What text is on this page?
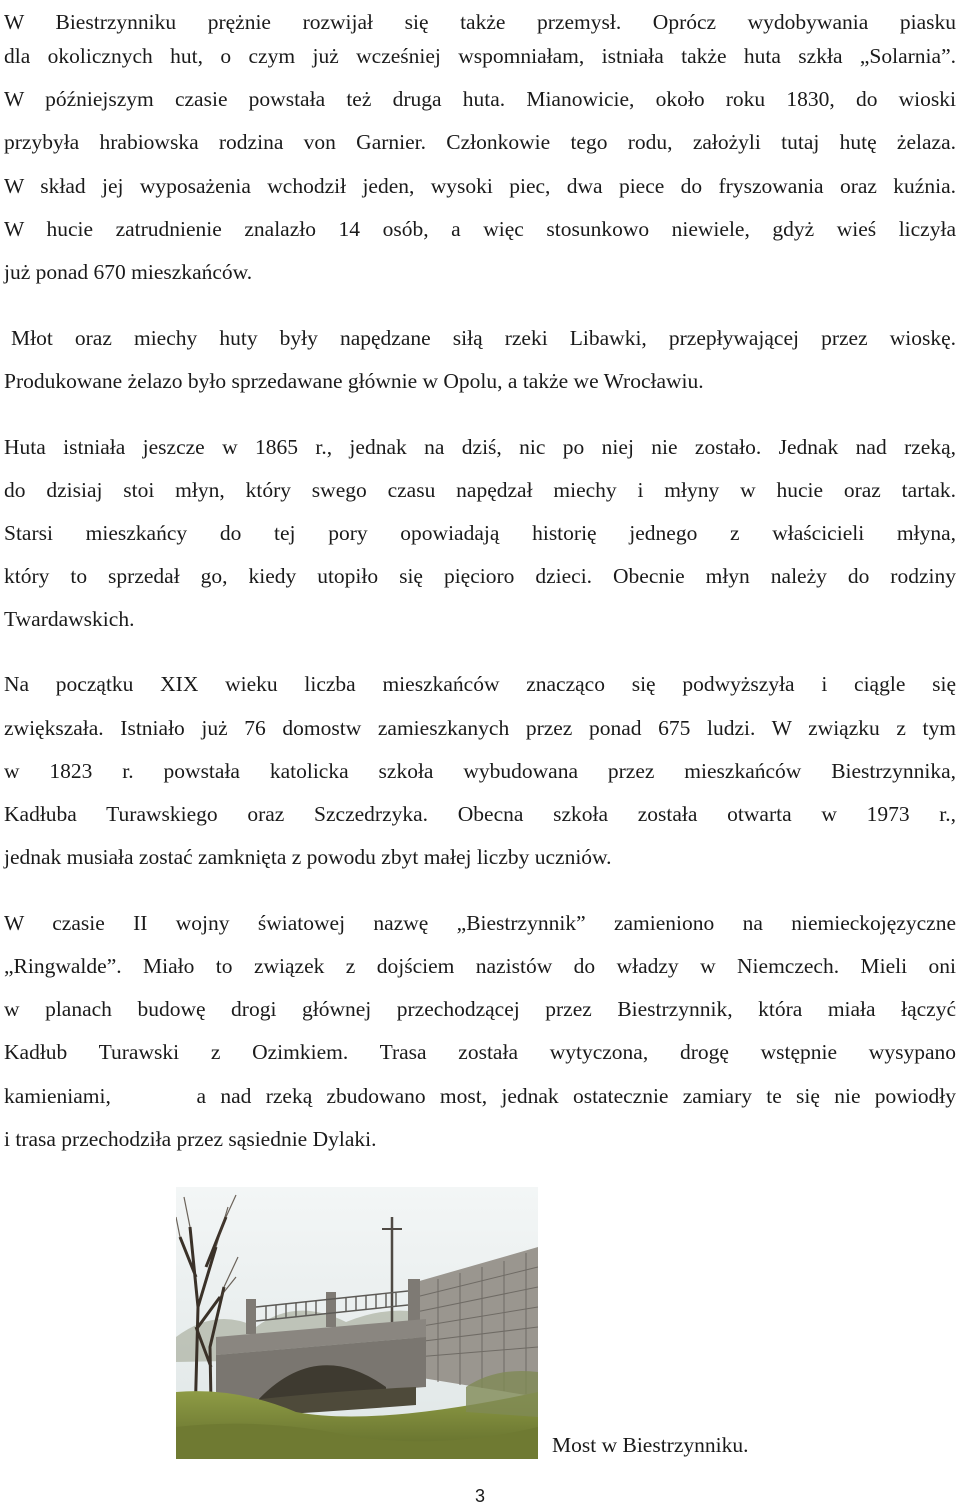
W Biestrzynniku prężnie rozwijał się także przemysł. Oprócz wydobywania piasku
dla okolicznych hut, o czym już wcześniej wspomniałam, istniała także huta szkła „Solarnia”.
W późniejszym czasie powstała też druga huta. Mianowicie, około roku 1830, do wioski
przybyła hrabiowska rodzina von Garnier. Członkowie tego rodu, założyli tutaj hutę żelaza.
W skład jej wyposażenia wchodził jeden, wysoki piec, dwa piece do fryszowania oraz kuźnia.
W hucie zatrudnienie znalazło 14 osób, a więc stosunkowo niewiele, gdyż wieś liczyła
już ponad 670 mieszkańców.
Młot oraz miechy huty były napędzane siłą rzeki Libawki, przepływającej przez wioskę.
Produkowane żelazo było sprzedawane głównie w Opolu, a także we Wrocławiu.
Huta istniała jeszcze w 1865 r., jednak na dziś, nic po niej nie zostało. Jednak nad rzeką,
do dzisiaj stoi młyn, który swego czasu napędzał miechy i młyny w hucie oraz tartak.
Starsi mieszkańcy do tej pory opowiadają historię jednego z właścicieli młyna,
który to sprzedał go, kiedy utopiło się pięcioro dzieci. Obecnie młyn należy do rodziny
Twardawskich.
Na początku XIX wieku liczba mieszkańców znacząco się podwyższyła i ciągle się
zwiększała. Istniało już 76 domostw zamieszkanych przez ponad 675 ludzi. W związku z tym
w 1823 r. powstała katolicka szkoła wybudowana przez mieszkańców Biestrzynnika,
Kadłuba Turawskiego oraz Szczedrzyka. Obecna szkoła została otwarta w 1973 r.,
jednak musiała zostać zamknięta z powodu zbyt małej liczby uczniów.
W czasie II wojny światowej nazwę „Biestrzynnik” zamieniono na niemieckojęzyczne
„Ringwalde”. Miało to związek z dojściem nazistów do władzy w Niemczech. Mieli oni
w planach budowę drogi głównej przechodzącej przez Biestrzynnik, która miała łączyć
Kadłub Turawski z Ozimkiem. Trasa została wytyczona, drogę wstępnie wysypano
kamieniami,      a nad rzeką zbudowano most, jednak ostatecznie zamiary te się nie powiodły
i trasa przechodziła przez sąsiednie Dylaki.
Most w Biestrzynniku.
3
